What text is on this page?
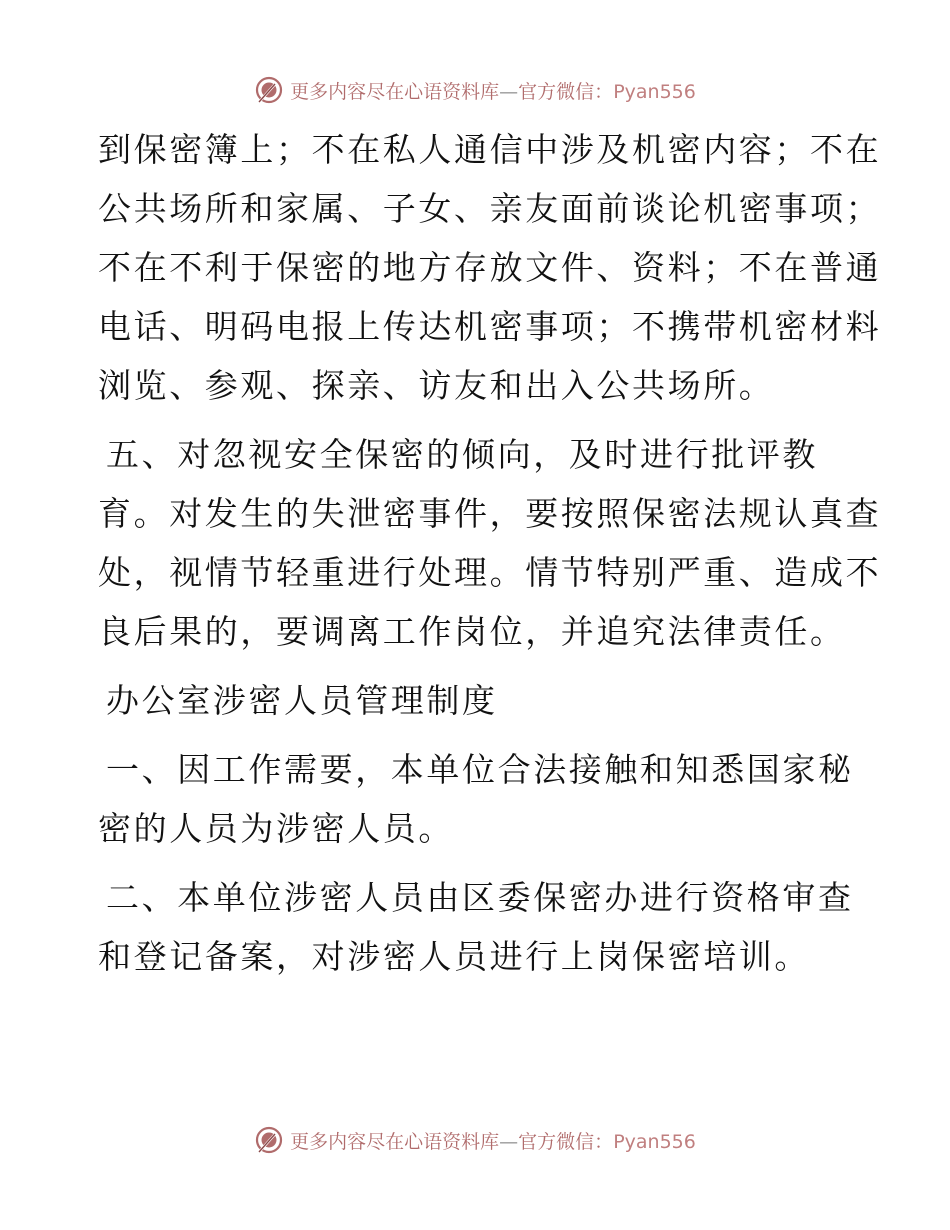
更多内容尽在心语资料库—官方微信：Pyan556

到保密簿上；不在私人通信中涉及机密内容；不在
公共场所和家属、子女、亲友面前谈论机密事项；
不在不利于保密的地方存放文件、资料；不在普通
电话、明码电报上传达机密事项；不携带机密材料
浏览、参观、探亲、访友和出入公共场所。

五、对忽视安全保密的倾向，及时进行批评教
育。对发生的失泄密事件，要按照保密法规认真查
处，视情节轻重进行处理。情节特别严重、造成不
良后果的，要调离工作岗位，并追究法律责任。

办公室涉密人员管理制度

一、因工作需要，本单位合法接触和知悉国家秘
密的人员为涉密人员。

二、本单位涉密人员由区委保密办进行资格审查
和登记备案，对涉密人员进行上岗保密培训。

更多内容尽在心语资料库—官方微信：Pyan556
